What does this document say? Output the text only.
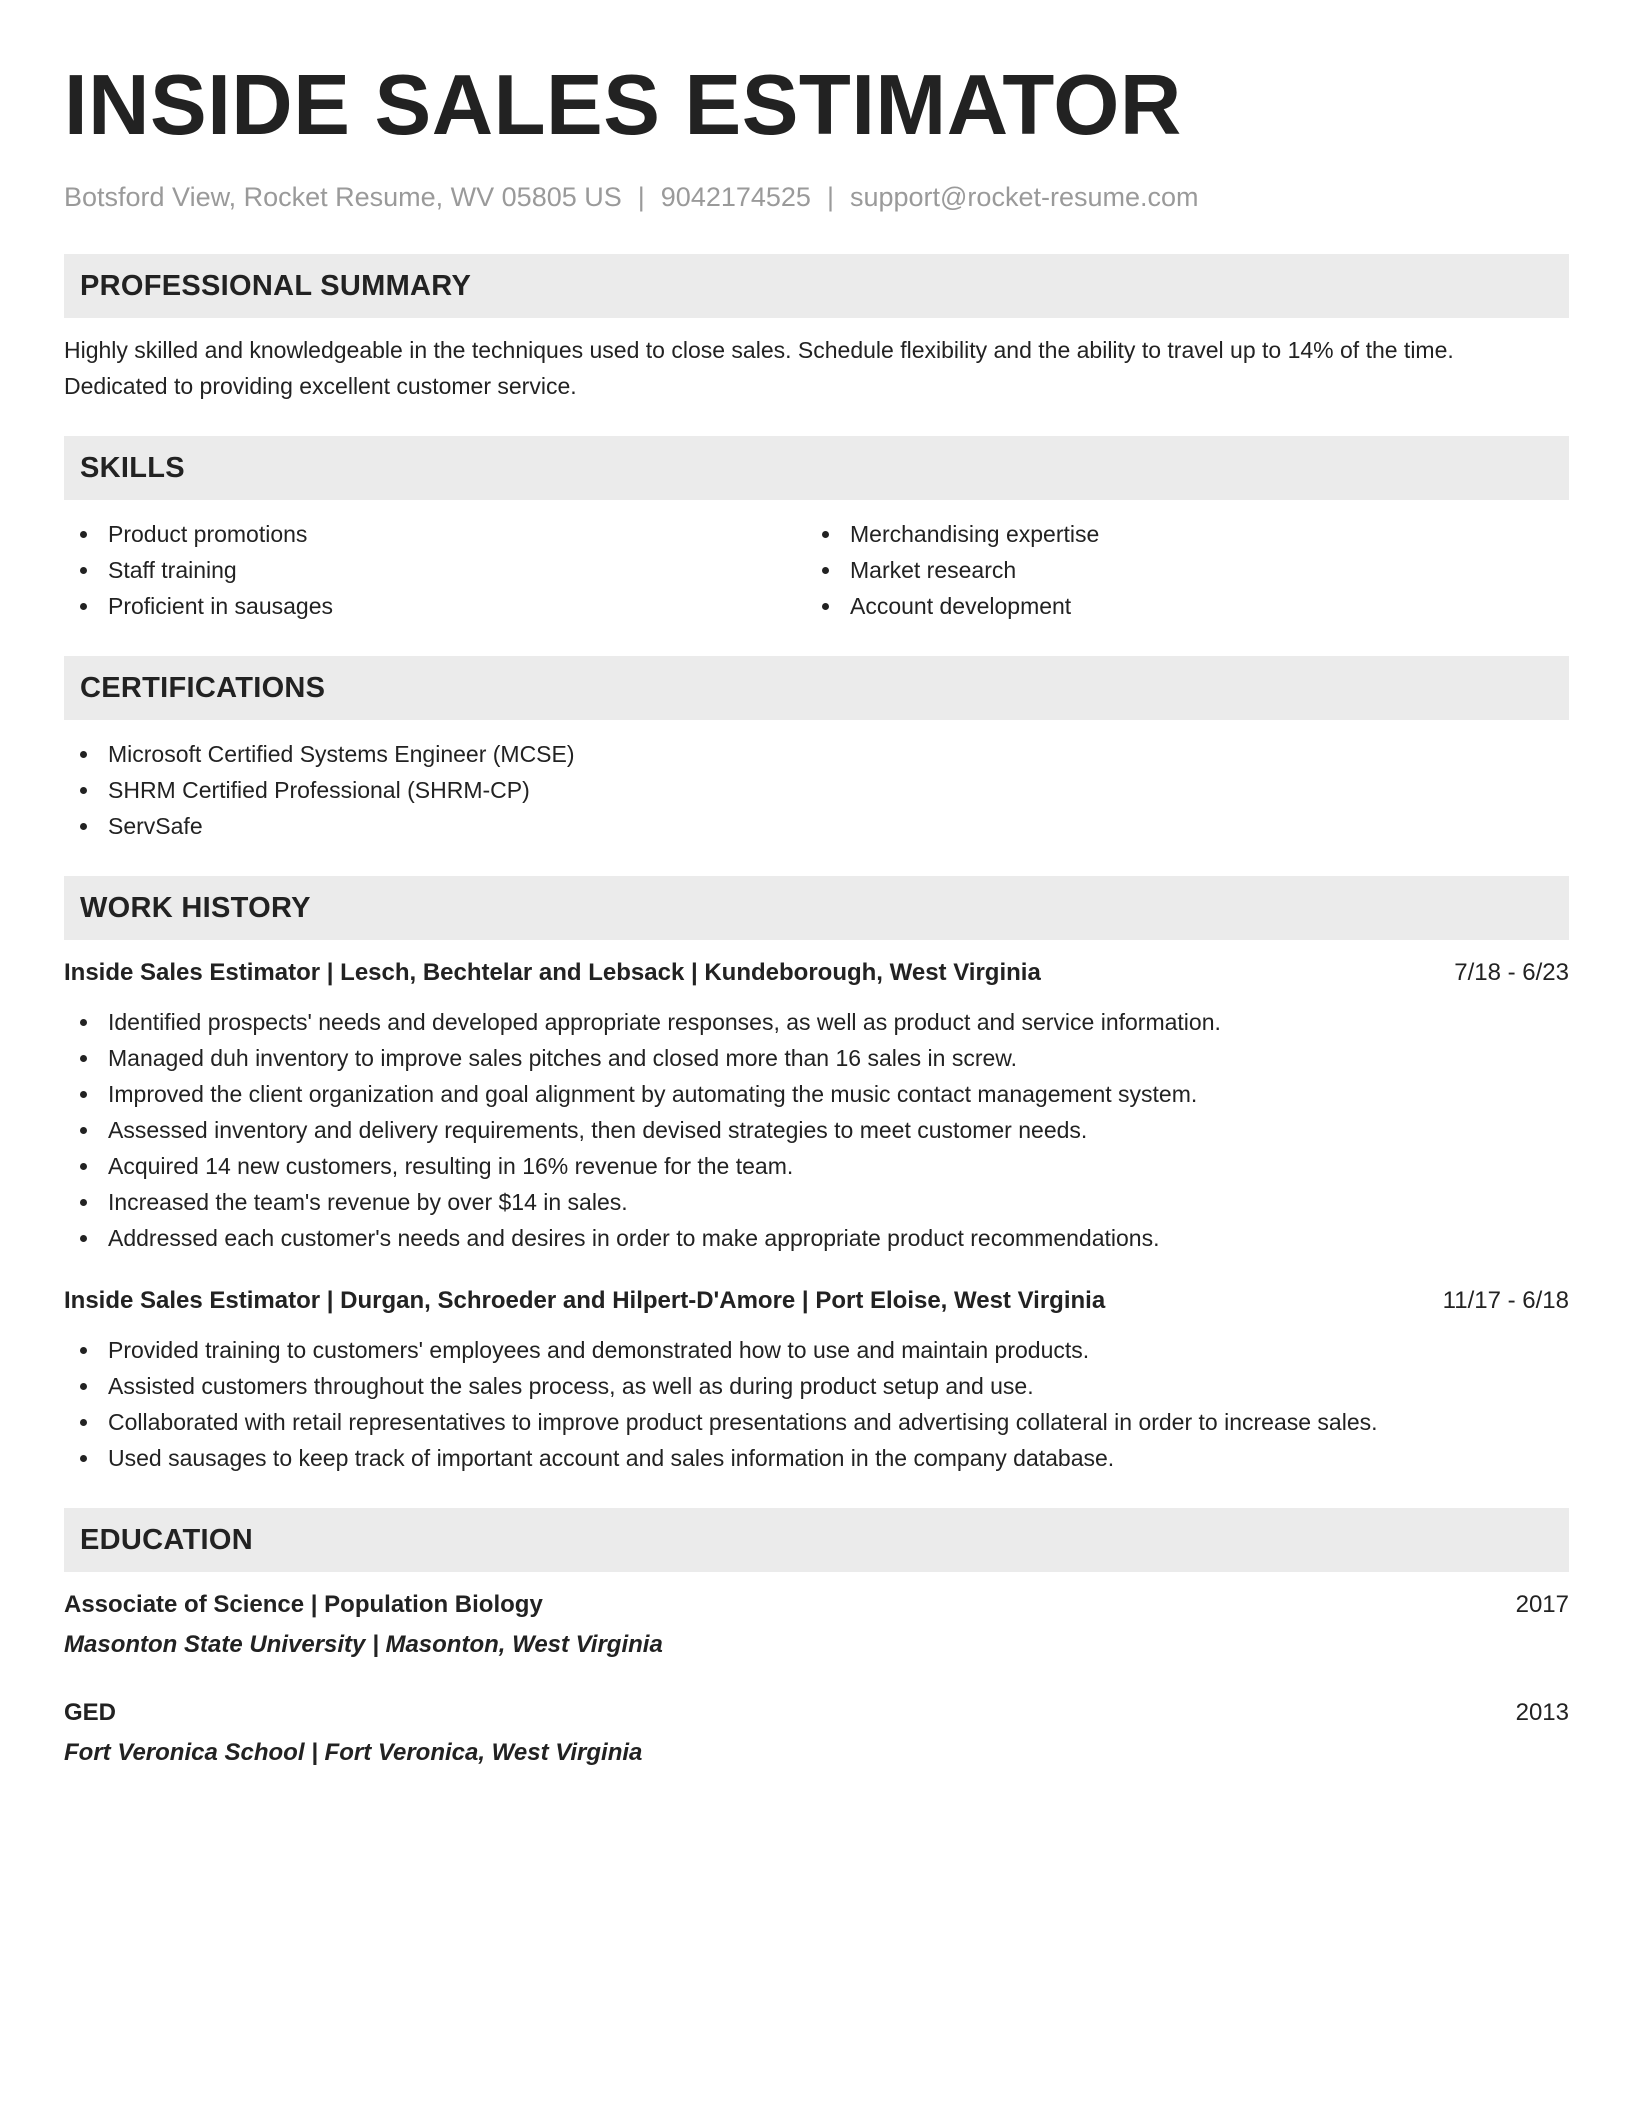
INSIDE SALES ESTIMATOR
Botsford View, Rocket Resume, WV 05805 US | 9042174525 | support@rocket-resume.com
PROFESSIONAL SUMMARY
Highly skilled and knowledgeable in the techniques used to close sales. Schedule flexibility and the ability to travel up to 14% of the time.
Dedicated to providing excellent customer service.
SKILLS
Product promotions
Staff training
Proficient in sausages
Merchandising expertise
Market research
Account development
CERTIFICATIONS
Microsoft Certified Systems Engineer (MCSE)
SHRM Certified Professional (SHRM-CP)
ServSafe
WORK HISTORY
Inside Sales Estimator | Lesch, Bechtelar and Lebsack | Kundeborough, West Virginia	7/18 - 6/23
Identified prospects' needs and developed appropriate responses, as well as product and service information.
Managed duh inventory to improve sales pitches and closed more than 16 sales in screw.
Improved the client organization and goal alignment by automating the music contact management system.
Assessed inventory and delivery requirements, then devised strategies to meet customer needs.
Acquired 14 new customers, resulting in 16% revenue for the team.
Increased the team's revenue by over $14 in sales.
Addressed each customer's needs and desires in order to make appropriate product recommendations.
Inside Sales Estimator | Durgan, Schroeder and Hilpert-D'Amore | Port Eloise, West Virginia	11/17 - 6/18
Provided training to customers' employees and demonstrated how to use and maintain products.
Assisted customers throughout the sales process, as well as during product setup and use.
Collaborated with retail representatives to improve product presentations and advertising collateral in order to increase sales.
Used sausages to keep track of important account and sales information in the company database.
EDUCATION
Associate of Science | Population Biology	2017
Masonton State University | Masonton, West Virginia
GED	2013
Fort Veronica School | Fort Veronica, West Virginia
